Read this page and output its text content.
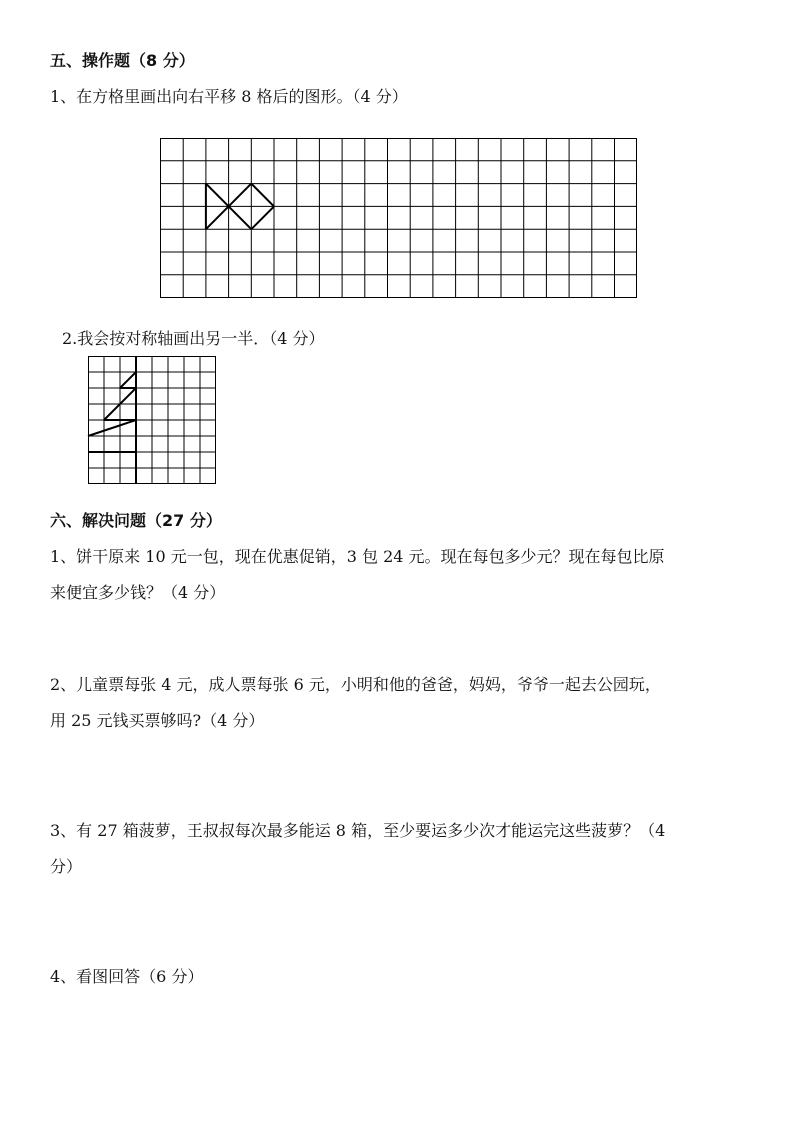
五、操作题（8 分）
1、在方格里画出向右平移 8 格后的图形。（4 分）
2.我会按对称轴画出另一半．（4 分）
六、解决问题（27 分）
1、饼干原来 10 元一包，现在优惠促销，3 包 24 元。现在每包多少元？现在每包比原
来便宜多少钱？（4 分）
2、儿童票每张 4 元，成人票每张 6 元，小明和他的爸爸，妈妈，爷爷一起去公园玩，
用 25 元钱买票够吗?（4 分）
3、有 27 箱菠萝，王叔叔每次最多能运 8 箱，至少要运多少次才能运完这些菠萝？（4
分）
4、看图回答（6 分）
